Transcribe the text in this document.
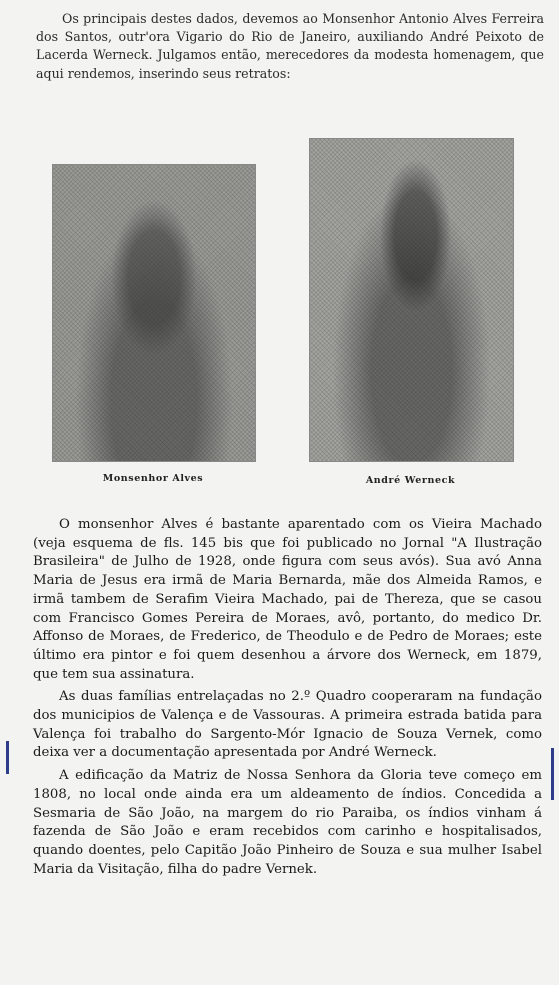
Os principais destes dados, devemos ao Monsenhor Antonio Alves Ferreira dos Santos, outr'ora Vigario do Rio de Janeiro, auxiliando André Peixoto de Lacerda Werneck. Julgamos então, merecedores da modesta homenagem, que aqui rendemos, inserindo seus retratos:

Monsenhor Alves	André Werneck

O monsenhor Alves é bastante aparentado com os Vieira Machado (veja esquema de fls. 145 bis que foi publicado no Jornal "A Ilustração Brasileira" de Julho de 1928, onde figura com seus avós). Sua avó Anna Maria de Jesus era irmã de Maria Bernarda, mãe dos Almeida Ramos, e irmã tambem de Serafim Vieira Machado, pai de Thereza, que se casou com Francisco Gomes Pereira de Moraes, avô, portanto, do medico Dr. Affonso de Moraes, de Frederico, de Theodulo e de Pedro de Moraes; este último era pintor e foi quem desenhou a árvore dos Werneck, em 1879, que tem sua assinatura.

As duas famílias entrelaçadas no 2.º Quadro cooperaram na fundação dos municipios de Valença e de Vassouras. A primeira estrada batida para Valença foi trabalho do Sargento-Mór Ignacio de Souza Vernek, como deixa ver a documentação apresentada por André Werneck.

A edificação da Matriz de Nossa Senhora da Gloria teve começo em 1808, no local onde ainda era um aldeamento de índios. Concedida a Sesmaria de São João, na margem do rio Paraiba, os índios vinham á fazenda de São João e eram recebidos com carinho e hospitalisados, quando doentes, pelo Capitão João Pinheiro de Souza e sua mulher Isabel Maria da Visitação, filha do padre Vernek.
